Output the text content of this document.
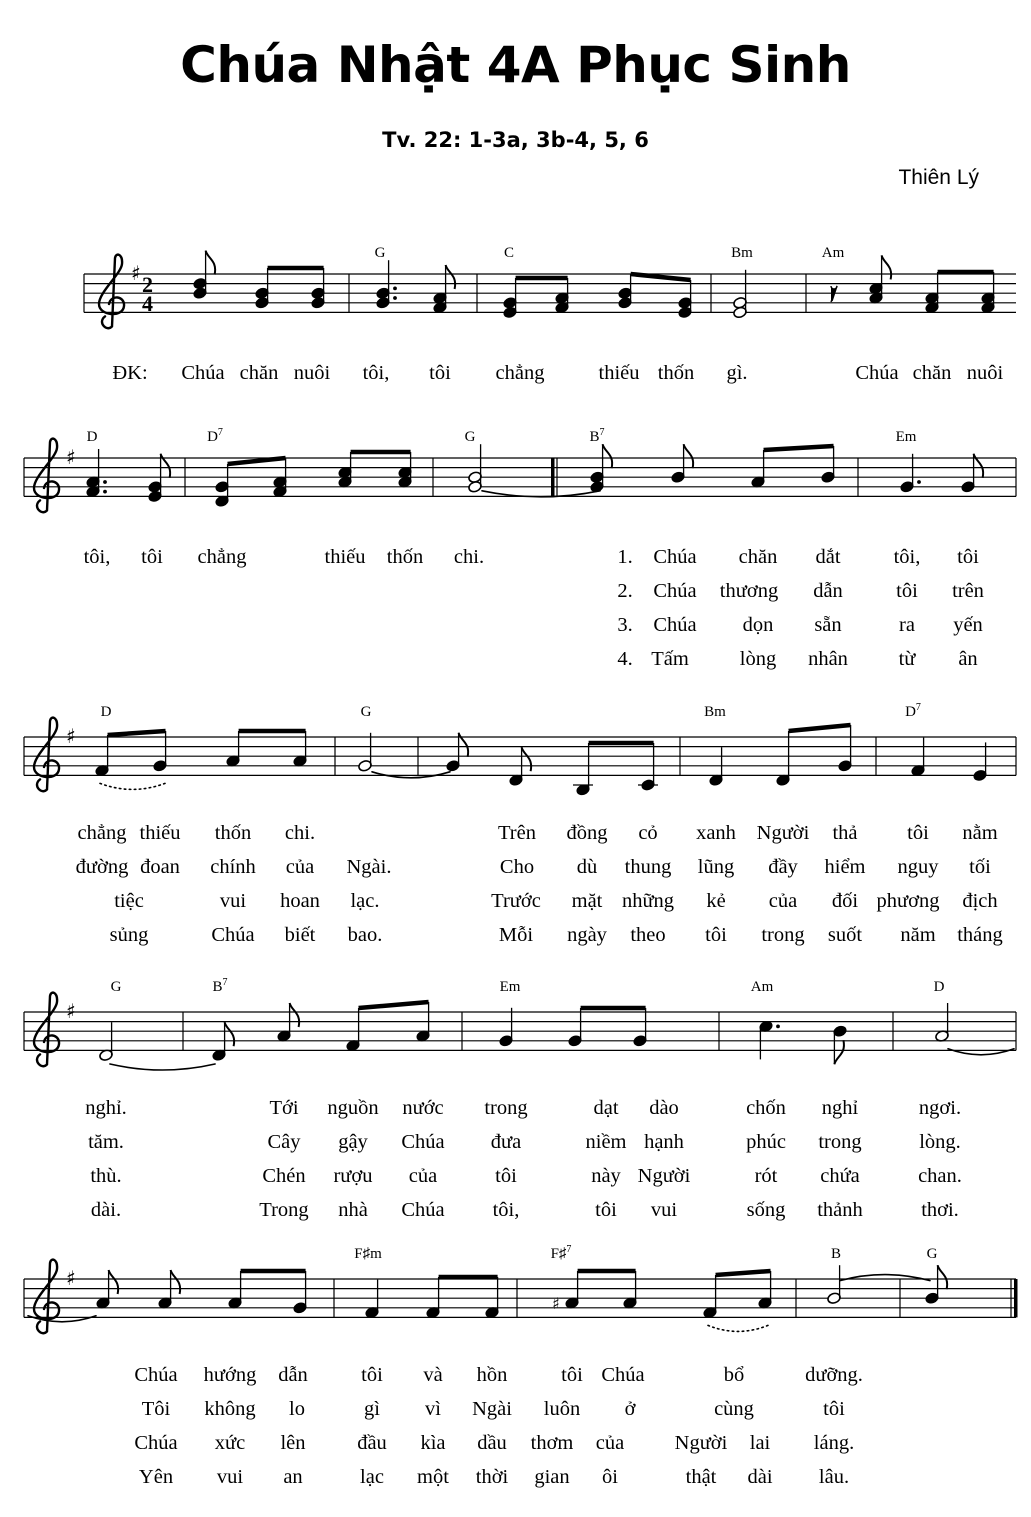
Chúa Nhật 4A Phục Sinh
Tv. 22: 1-3a, 3b-4, 5, 6
Thiên Lý
♯ 2
4
♯
♯
♯
♯
♯
G	C	Bm	Am
D	$D^7$	G	$B^7$	Em
D	G	Bm	$D^7$
G	$B^7$	Em	Am	D
F♯m	F♯$^7$	B	G
ĐK: Chúa chăn nuôi tôi, tôi chẳng	thiếu thốn gì.	Chúa chăn nuôi
tôi, tôi chẳng	thiếu thốn chi.	1. Chúa chăn dắt	tôi, tôi
2. Chúa thương dẫn	tôi trên
3. Chúa dọn sẵn	ra yến
4. Tấm lòng nhân từ ân
chẳng thiếu thốn chi.	Trên đồng cỏ xanh Người thả tôi nằm
đường đoan chính của Ngài.	Cho dù thung lũng đầy hiểm nguy tối
tiệc	vui hoan lạc.	Trước mặt những kẻ của đối phương địch
sủng	Chúa biết bao.	Mỗi ngày theo tôi trong suốt năm tháng
nghỉ.	Tới nguồn nước trong	dạt dào	chốn nghỉ	ngơi.
tăm.	Cây gậy Chúa đưa	niềm hạnh	phúc trong	lòng.
thù.	Chén rượu của	tôi	này Người	rót chứa	chan.
dài.	Trong nhà Chúa tôi,	tôi vui	sống thảnh	thơi.
Chúa hướng dẫn	tôi và hồn	tôi Chúa	bổ	dưỡng.
Tôi không lo	gì vì Ngài luôn ở	cùng	tôi
Chúa xức lên	đầu kìa dầu thơm của Người lai láng.
Yên vui an	lạc một thời gian ôi	thật dài lâu.
